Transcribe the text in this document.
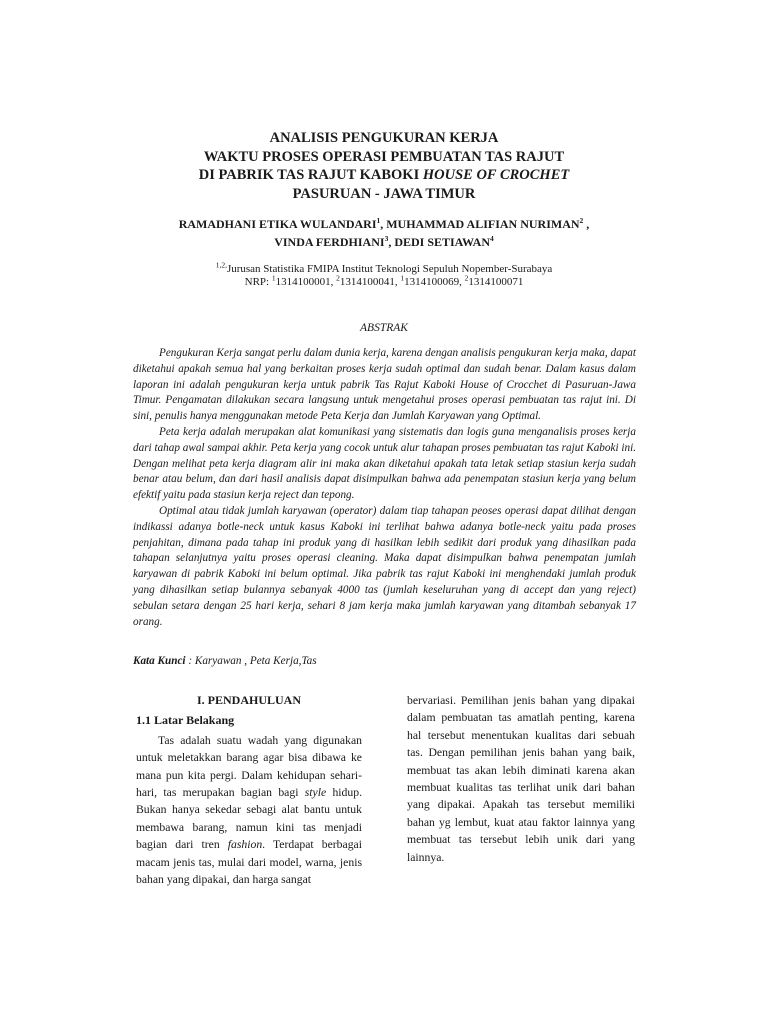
ANALISIS PENGUKURAN KERJA
WAKTU PROSES OPERASI PEMBUATAN TAS RAJUT
DI PABRIK TAS RAJUT KABOKI HOUSE OF CROCHET
PASURUAN - JAWA TIMUR
RAMADHANI ETIKA WULANDARI$^1$, MUHAMMAD ALIFIAN NURIMAN$^2$ ,
VINDA FERDHIANI$^3$, DEDI SETIAWAN$^4$
$^{1,2,}$Jurusan Statistika FMIPA Institut Teknologi Sepuluh Nopember-Surabaya
NRP: $^1$1314100001, $^2$1314100041, $^1$1314100069, $^2$1314100071
ABSTRAK

Pengukuran Kerja sangat perlu dalam dunia kerja, karena dengan analisis pengukuran kerja maka, dapat diketahui apakah semua hal yang berkaitan proses kerja sudah optimal dan sudah benar. Dalam kasus dalam laporan ini adalah pengukuran kerja untuk pabrik Tas Rajut Kaboki House of Crocchet di Pasuruan-Jawa Timur. Pengamatan dilakukan secara langsung untuk mengetahui proses operasi pembuatan tas rajut ini. Di sini, penulis hanya menggunakan metode Peta Kerja dan Jumlah Karyawan yang Optimal.

Peta kerja adalah merupakan alat komunikasi yang sistematis dan logis guna menganalisis proses kerja dari tahap awal sampai akhir. Peta kerja yang cocok untuk alur tahapan proses pembuatan tas rajut Kaboki ini. Dengan melihat peta kerja diagram alir ini maka akan diketahui apakah tata letak setiap stasiun kerja sudah benar atau belum, dan dari hasil analisis dapat disimpulkan bahwa ada penempatan stasiun kerja yang belum efektif yaitu pada stasiun kerja reject dan tepong.

Optimal atau tidak jumlah karyawan (operator) dalam tiap tahapan peoses operasi dapat dilihat dengan indikassi adanya botle-neck untuk kasus Kaboki ini terlihat bahwa adanya botle-neck yaitu pada proses penjahitan, dimana pada tahap ini produk yang di hasilkan lebih sedikit dari produk yang dihasilkan pada tahapan selanjutnya yaitu proses operasi cleaning. Maka dapat disimpulkan bahwa penempatan jumlah karyawan di pabrik Kaboki ini belum optimal. Jika pabrik tas rajut Kaboki ini menghendaki jumlah produk yang dihasilkan setiap bulannya sebanyak 4000 tas (jumlah keseluruhan yang di accept dan yang reject) sebulan setara dengan 25 hari kerja, sehari 8 jam kerja maka jumlah karyawan yang ditambah sebanyak 17 orang.

Kata Kunci : Karyawan , Peta Kerja,Tas
I. PENDAHULUAN
1.1 Latar Belakang

Tas adalah suatu wadah yang digunakan untuk meletakkan barang agar bisa dibawa ke mana pun kita pergi. Dalam kehidupan sehari-hari, tas merupakan bagian bagi style hidup. Bukan hanya sekedar sebagi alat bantu untuk membawa barang, namun kini tas menjadi bagian dari tren fashion. Terdapat berbagai macam jenis tas, mulai dari model, warna, jenis bahan yang dipakai, dan harga sangat

bervariasi. Pemilihan jenis bahan yang dipakai dalam pembuatan tas amatlah penting, karena hal tersebut menentukan kualitas dari sebuah tas. Dengan pemilihan jenis bahan yang baik, membuat tas akan lebih diminati karena akan membuat kualitas tas terlihat unik dari bahan yang dipakai. Apakah tas tersebut memiliki bahan yg lembut, kuat atau faktor lainnya yang membuat tas tersebut lebih unik dari yang lainnya.
